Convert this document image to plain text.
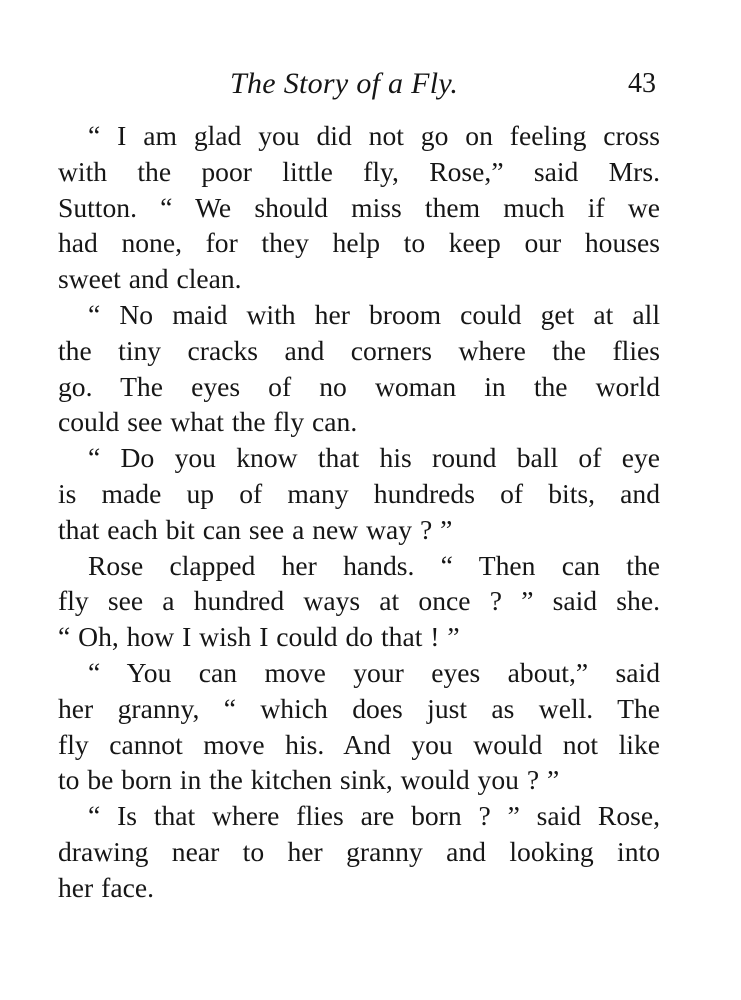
The Story of a Fly.	43
“ I am glad you did not go on feeling cross
with the poor little fly, Rose,” said Mrs.
Sutton. “ We should miss them much if we
had none, for they help to keep our houses
sweet and clean.
“ No maid with her broom could get at all
the tiny cracks and corners where the flies
go. The eyes of no woman in the world
could see what the fly can.
“ Do you know that his round ball of eye
is made up of many hundreds of bits, and
that each bit can see a new way ? ”
Rose clapped her hands. “ Then can the
fly see a hundred ways at once ? ” said she.
“ Oh, how I wish I could do that ! ”
“ You can move your eyes about,” said
her granny, “ which does just as well. The
fly cannot move his. And you would not like
to be born in the kitchen sink, would you ? ”
“ Is that where flies are born ? ” said Rose,
drawing near to her granny and looking into
her face.
